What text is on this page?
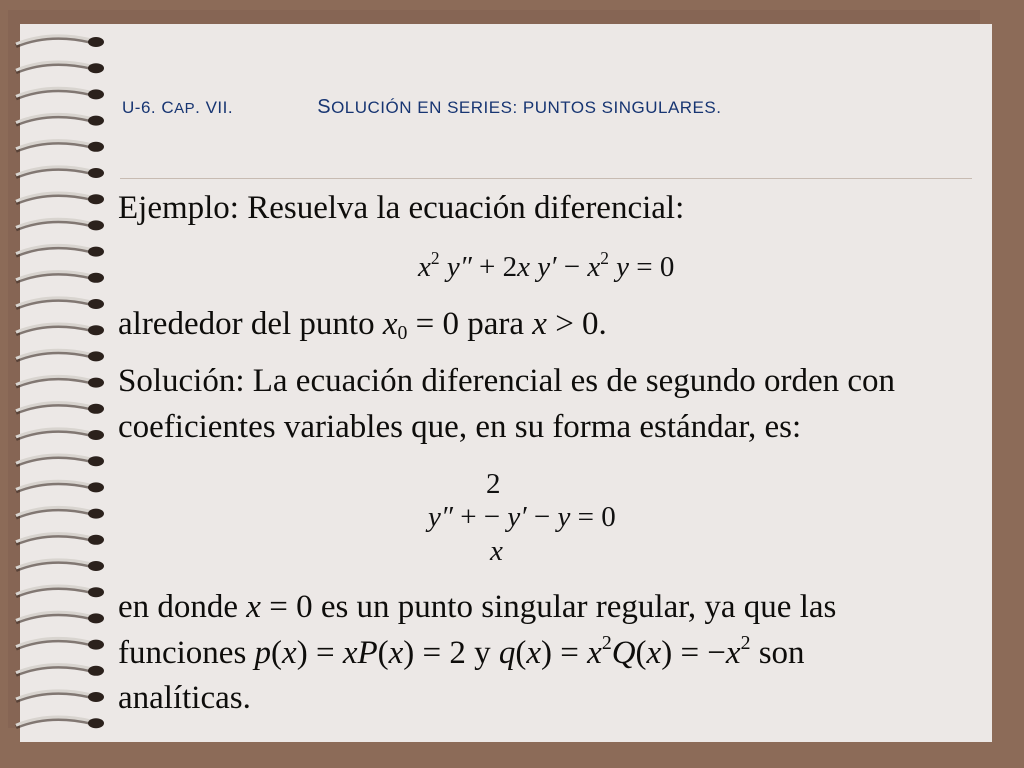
U-6. CAP. VII.	SOLUCIÓN EN SERIES: PUNTOS SINGULARES.
Ejemplo: Resuelva la ecuación diferencial:
$x^2$ y″ + 2x $y' - x^2$ y = 0
alrededor del punto $x_0 = 0$ para x > 0.
Solución: La ecuación diferencial es de segundo orden con
coeficientes variables que, en su forma estándar, es:
2
y″ + − y′ − y = 0
x
en donde x = 0 es un punto singular regular, ya que las
funciones p(x) = xP(x) = 2 y $q(x) = x^2Q(x) = -x^2$ son
analíticas.
